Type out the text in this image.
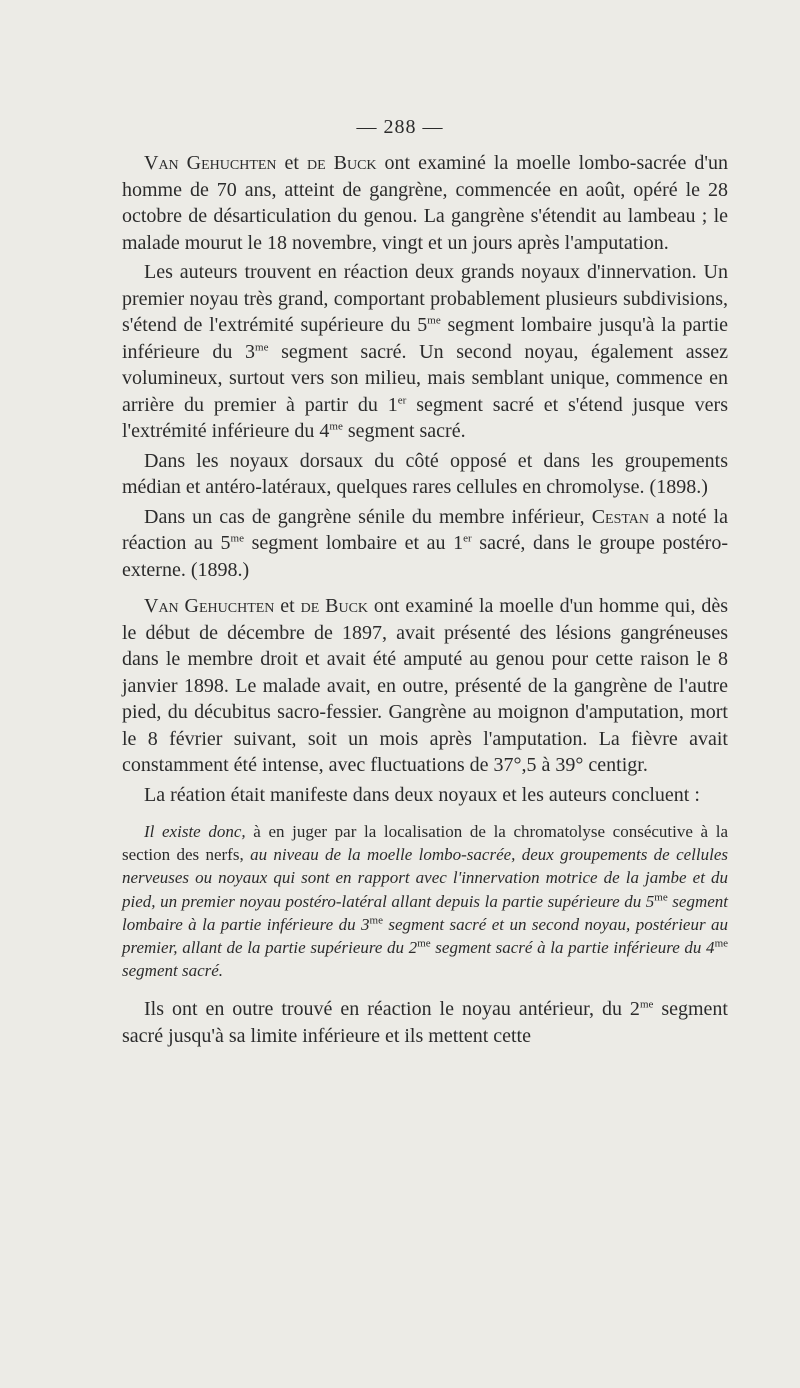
— 288 —

Van Gehuchten et de Buck ont examiné la moelle lombo-sacrée d'un homme de 70 ans, atteint de gangrène, commencée en août, opéré le 28 octobre de désarticulation du genou. La gangrène s'étendit au lambeau ; le malade mourut le 18 novembre, vingt et un jours après l'amputation.

Les auteurs trouvent en réaction deux grands noyaux d'innervation. Un premier noyau très grand, comportant probablement plusieurs subdivisions, s'étend de l'extrémité supérieure du $5^{me}$ segment lombaire jusqu'à la partie inférieure du $3^{me}$ segment sacré. Un second noyau, également assez volumineux, surtout vers son milieu, mais semblant unique, commence en arrière du premier à partir du 1er segment sacré et s'étend jusque vers l'extrémité inférieure du $4^{me}$ segment sacré.

Dans les noyaux dorsaux du côté opposé et dans les groupements médian et antéro-latéraux, quelques rares cellules en chromolyse. (1898.)

Dans un cas de gangrène sénile du membre inférieur, Cestan a noté la réaction au $5^{me}$ segment lombaire et au 1er sacré, dans le groupe postéro-externe. (1898.)

Van Gehuchten et de Buck ont examiné la moelle d'un homme qui, dès le début de décembre de 1897, avait présenté des lésions gangréneuses dans le membre droit et avait été amputé au genou pour cette raison le 8 janvier 1898. Le malade avait, en outre, présenté de la gangrène de l'autre pied, du décubitus sacro-fessier. Gangrène au moignon d'amputation, mort le 8 février suivant, soit un mois après l'amputation. La fièvre avait constamment été intense, avec fluctuations de 37°,5 à 39° centigr.

La réation était manifeste dans deux noyaux et les auteurs concluent :

Il existe donc, à en juger par la localisation de la chromatolyse consécutive à la section des nerfs, au niveau de la moelle lombo-sacrée, deux groupements de cellules nerveuses ou noyaux qui sont en rapport avec l'innervation motrice de la jambe et du pied, un premier noyau postéro-latéral allant depuis la partie supérieure du $5^{me}$ segment lombaire à la partie inférieure du $3^{me}$ segment sacré et un second noyau, postérieur au premier, allant de la partie supérieure du $2^{me}$ segment sacré à la partie inférieure du $4^{me}$ segment sacré.

Ils ont en outre trouvé en réaction le noyau antérieur, du $2^{me}$ segment sacré jusqu'à sa limite inférieure et ils mettent cette
